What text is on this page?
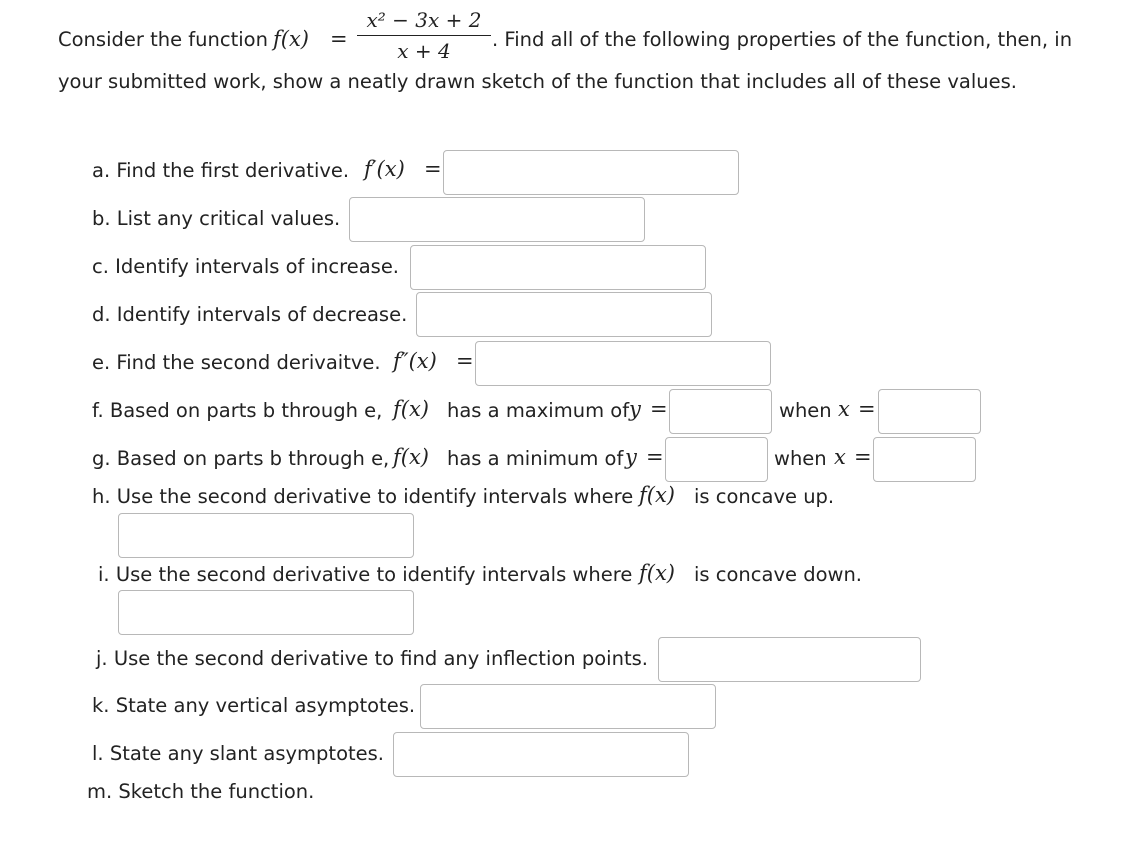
Consider the function f(x) =
x² − 3x + 2
x + 4	. Find all of the following properties of the function, then, in
your submitted work, show a neatly drawn sketch of the function that includes all of these values.
a. Find the first derivative. f′(x) =
b. List any critical values.
c. Identify intervals of increase.
d. Identify intervals of decrease.
e. Find the second derivaitve. f″(x) =
f. Based on parts b through e, f(x) has a maximum of y =	when x =
g. Based on parts b through e, f(x) has a minimum of y =	when x =
h. Use the second derivative to identify intervals where f(x) is concave up.
i. Use the second derivative to identify intervals where f(x) is concave down.
j. Use the second derivative to find any inflection points.
k. State any vertical asymptotes.
l. State any slant asymptotes.
m. Sketch the function.
